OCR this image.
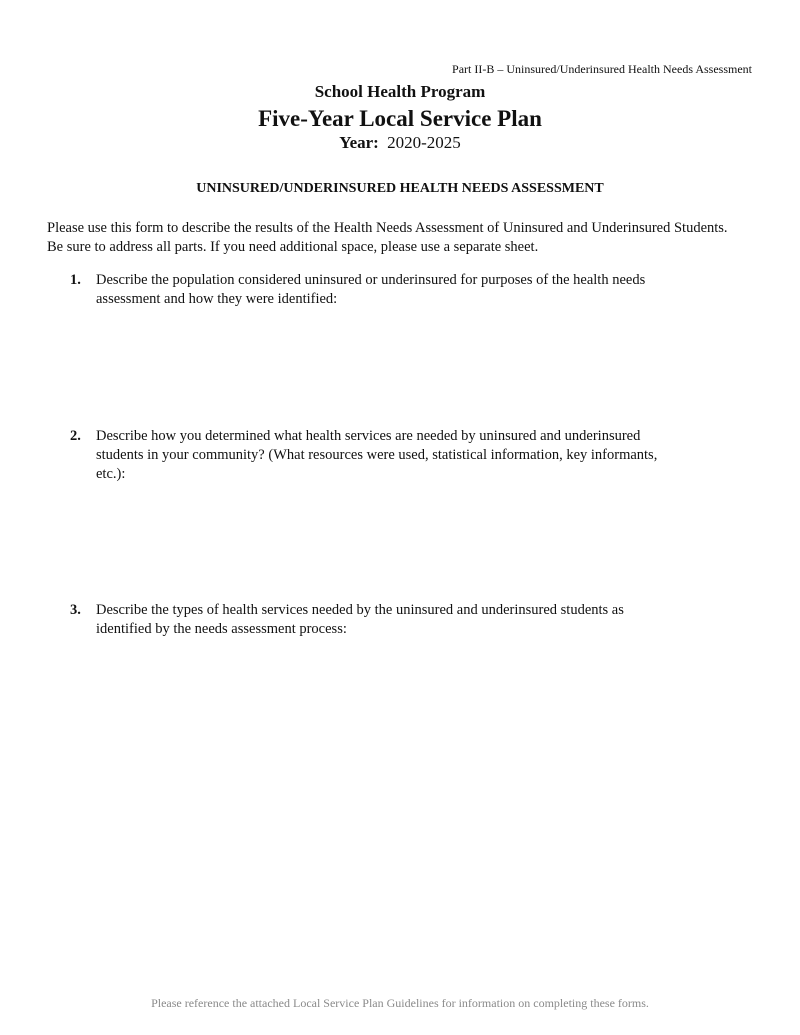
Part II-B – Uninsured/Underinsured Health Needs Assessment
School Health Program
Five-Year Local Service Plan
Year: 2020-2025
UNINSURED/UNDERINSURED HEALTH NEEDS ASSESSMENT
Please use this form to describe the results of the Health Needs Assessment of Uninsured and Underinsured Students. Be sure to address all parts. If you need additional space, please use a separate sheet.
1. Describe the population considered uninsured or underinsured for purposes of the health needs assessment and how they were identified:
2. Describe how you determined what health services are needed by uninsured and underinsured students in your community? (What resources were used, statistical information, key informants, etc.):
3. Describe the types of health services needed by the uninsured and underinsured students as identified by the needs assessment process:
Please reference the attached Local Service Plan Guidelines for information on completing these forms.
